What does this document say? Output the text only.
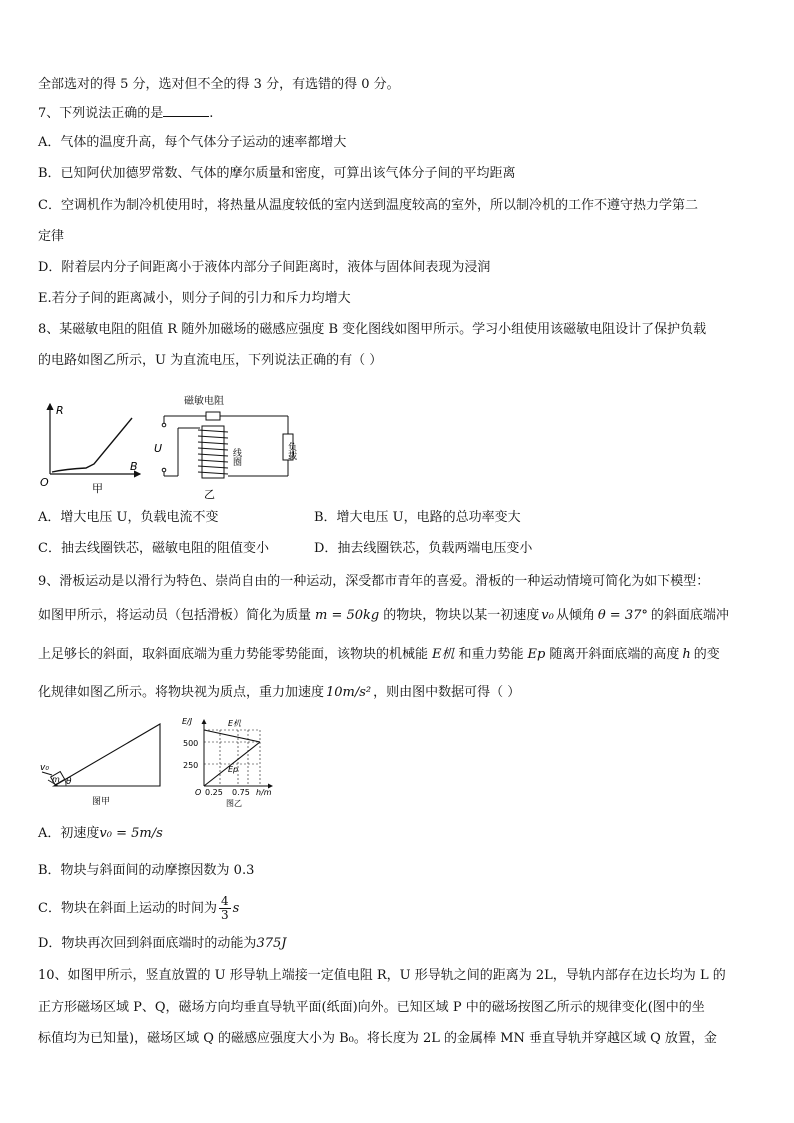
全部选对的得 5 分，选对但不全的得 3 分，有选错的得 0 分。
7、下列说法正确的是	.
A．气体的温度升高，每个气体分子运动的速率都增大
B．已知阿伏加德罗常数、气体的摩尔质量和密度，可算出该气体分子间的平均距离
C．空调机作为制冷机使用时，将热量从温度较低的室内送到温度较高的室外，所以制冷机的工作不遵守热力学第二
定律
D．附着层内分子间距离小于液体内部分子间距离时，液体与固体间表现为浸润
E.若分子间的距离减小，则分子间的引力和斥力均增大
8、某磁敏电阻的阻值 R 随外加磁场的磁感应强度 B 变化图线如图甲所示。学习小组使用该磁敏电阻设计了保护负载
的电路如图乙所示，U 为直流电压，下列说法正确的有（ ）
R
B
O	甲
磁敏电阻
负载
U	线圈
乙
A．增大电压 U，负载电流不变	B．增大电压 U，电路的总功率变大
C．抽去线圈铁芯，磁敏电阻的阻值变小	D．抽去线圈铁芯，负载两端电压变小
9、滑板运动是以滑行为特色、崇尚自由的一种运动，深受都市青年的喜爱。滑板的一种运动情境可简化为如下模型：
如图甲所示，将运动员（包括滑板）简化为质量 m = 50kg 的物块，物块以某一初速度 v₀ 从倾角 θ = 37° 的斜面底端冲
上足够长的斜面，取斜面底端为重力势能零势能面，该物块的机械能 E机 和重力势能 Ep 随离开斜面底端的高度 h 的变
化规律如图乙所示。将物块视为质点，重力加速度 10m/s² ，则由图中数据可得（ ）
v₀
m θ
图甲
E/J
500
250
E机
Ep
O 0.25 0.75 h/m
图乙
A．初速度v₀ = 5m/s
B．物块与斜面间的动摩擦因数为 0.3
C．物块在斜面上运动的时间为 $\frac{4}{3}$ s
D．物块再次回到斜面底端时的动能为375J
10、如图甲所示，竖直放置的 U 形导轨上端接一定值电阻 R，U 形导轨之间的距离为 2L，导轨内部存在边长均为 L 的
正方形磁场区域 P、Q，磁场方向均垂直导轨平面(纸面)向外。已知区域 P 中的磁场按图乙所示的规律变化(图中的坐
标值均为已知量)，磁场区域 Q 的磁感应强度大小为 B₀。将长度为 2L 的金属棒 MN 垂直导轨并穿越区域 Q 放置，金
